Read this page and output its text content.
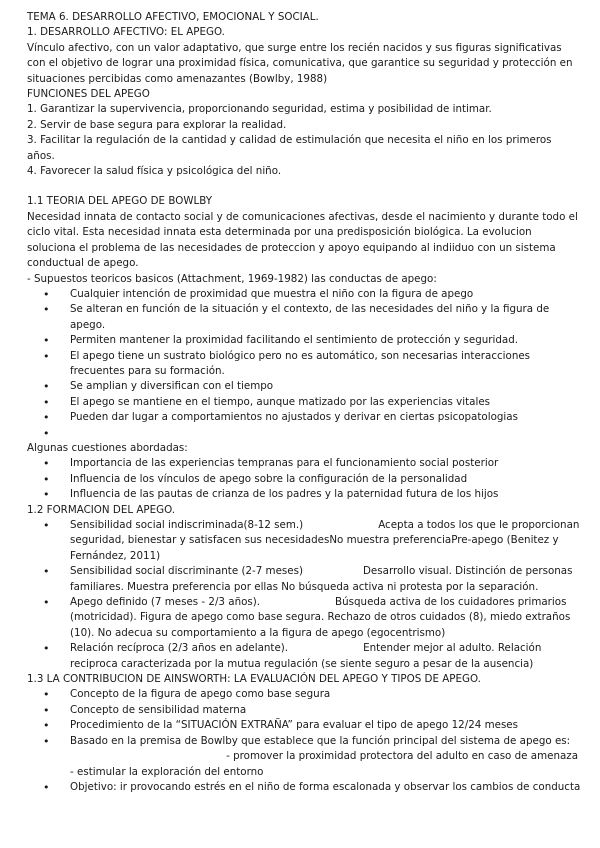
TEMA 6. DESARROLLO AFECTIVO, EMOCIONAL Y SOCIAL.

1. DESARROLLO AFECTIVO: EL APEGO.

Vínculo afectivo, con un valor adaptativo, que surge entre los recién nacidos y sus figuras significativas con el objetivo de lograr una proximidad física, comunicativa, que garantice su seguridad y protección en situaciones percibidas como amenazantes (Bowlby, 1988)

FUNCIONES DEL APEGO

1. Garantizar la supervivencia, proporcionando seguridad, estima y posibilidad de intimar.

2. Servir de base segura para explorar la realidad.

3. Facilitar la regulación de la cantidad y calidad de estimulación que necesita el niño en los primeros años.

4. Favorecer la salud física y psicológica del niño.

1.1 TEORIA DEL APEGO DE BOWLBY

Necesidad innata de contacto social y de comunicaciones afectivas, desde el nacimiento y durante todo el ciclo vital. Esta necesidad innata esta determinada por una predisposición biológica. La evolucion soluciona el problema de las necesidades de proteccion y apoyo equipando al indiiduo con un sistema conductual de apego.

- Supuestos teoricos basicos (Attachment, 1969-1982) las conductas de apego:

• Cualquier intención de proximidad que muestra el niño con la figura de apego
• Se alteran en función de la situación y el contexto, de las necesidades del niño y la figura de apego.
• Permiten mantener la proximidad facilitando el sentimiento de protección y seguridad.
• El apego tiene un sustrato biológico pero no es automático, son necesarias interacciones frecuentes para su formación.
• Se amplian y diversifican con el tiempo
• El apego se mantiene en el tiempo, aunque matizado por las experiencias vitales
• Pueden dar lugar a comportamientos no ajustados y derivar en ciertas psicopatologias
•

Algunas cuestiones abordadas:

• Importancia de las experiencias tempranas para el funcionamiento social posterior
• Influencia de los vínculos de apego sobre la configuración de la personalidad
• Influencia de las pautas de crianza de los padres y la paternidad futura de los hijos

1.2 FORMACION DEL APEGO.

• Sensibilidad social indiscriminada(8-12 sem.)	Acepta a todos los que le proporcionan seguridad, bienestar y satisfacen sus necesidadesNo muestra preferenciaPre-apego (Benitez y Fernández, 2011)
• Sensibilidad social discriminante (2-7 meses)	Desarrollo visual. Distinción de personas familiares. Muestra preferencia por ellas No búsqueda activa ni protesta por la separación.
• Apego definido (7 meses - 2/3 años).	Búsqueda activa de los cuidadores primarios (motricidad). Figura de apego como base segura. Rechazo de otros cuidados (8), miedo extraños (10). No adecua su comportamiento a la figura de apego (egocentrismo)
• Relación recíproca (2/3 años en adelante).	Entender mejor al adulto. Relación reciproca caracterizada por la mutua regulación (se siente seguro a pesar de la ausencia)

1.3 LA CONTRIBUCION DE AINSWORTH: LA EVALUACIÓN DEL APEGO Y TIPOS DE APEGO.

• Concepto de la figura de apego como base segura
• Concepto de sensibilidad materna
• Procedimiento de la “SITUACIÓN EXTRAÑA” para evaluar el tipo de apego 12/24 meses
• Basado en la premisa de Bowlby que establece que la función principal del sistema de apego es:
- promover la proximidad protectora del adulto en caso de amenaza

- estimular la exploración del entorno

• Objetivo: ir provocando estrés en el niño de forma escalonada y observar los cambios de conducta
